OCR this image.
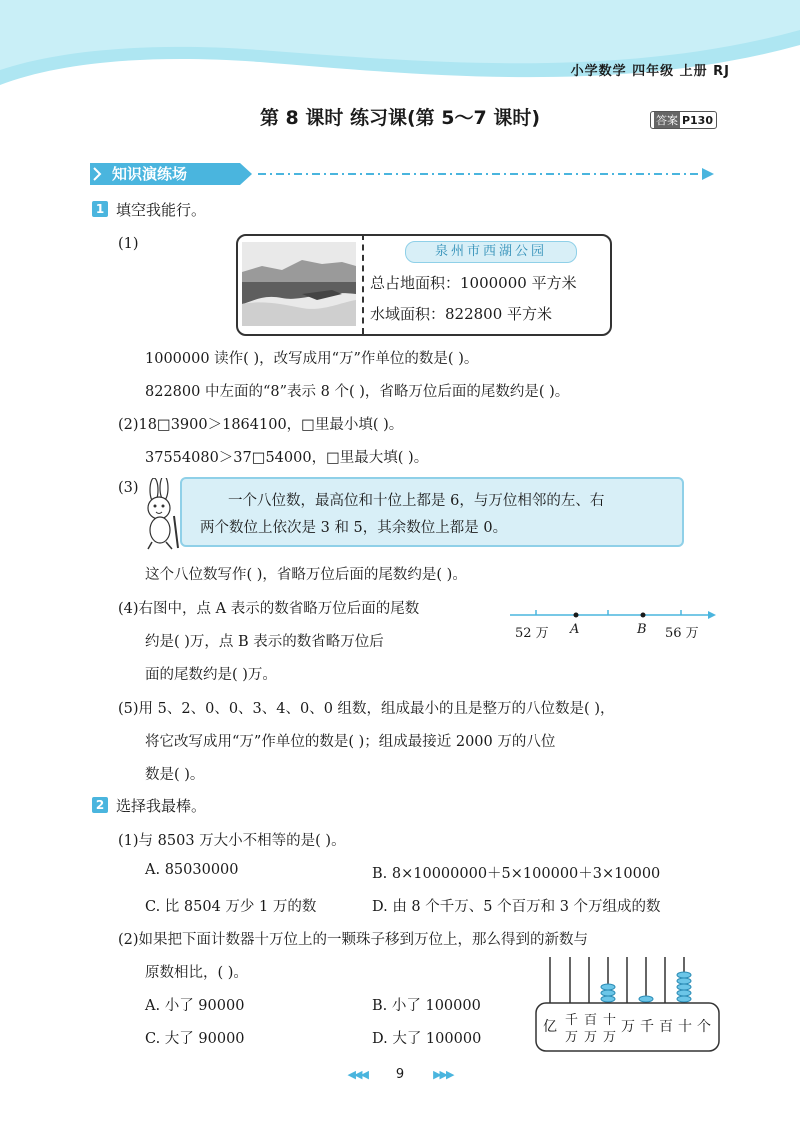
小学数学 四年级 上册 RJ
第 8 课时 练习课(第 5～7 课时)	答案 P130
知识演练场
1 填空我能行。
(1)	泉州市西湖公园
总占地面积：1000000 平方米
水域面积：822800 平方米
1000000 读作( )，改写成用“万”作单位的数是( )。
822800 中左面的“8”表示 8 个( )，省略万位后面的尾数约是( )。
(2)18□3900＞1864100，□里最小填( )。
37554080＞37□54000，□里最大填( )。
(3)
一个八位数，最高位和十位上都是 6，与万位相邻的左、右
两个数位上依次是 3 和 5，其余数位上都是 0。
这个八位数写作( )，省略万位后面的尾数约是( )。
(4)右图中，点 A 表示的数省略万位后面的尾数
约是( )万，点 B 表示的数省略万位后
面的尾数约是( )万。
52 万 A	B 56 万
(5)用 5、2、0、0、3、4、0、0 组数，组成最小的且是整万的八位数是( )，
将它改写成用“万”作单位的数是( )；组成最接近 2000 万的八位
数是( )。
2 选择我最棒。
(1)与 8503 万大小不相等的是( )。
A. 85030000	B. 8×10000000＋5×100000＋3×10000
C. 比 8504 万少 1 万的数	D. 由 8 个千万、5 个百万和 3 个万组成的数
(2)如果把下面计数器十万位上的一颗珠子移到万位上，那么得到的新数与
原数相比，( )。
A. 小了 90000	B. 小了 100000
C. 大了 90000	D. 大了 100000
亿 千
万
百
万
十
万
万 千 百 十 个
◀◀◀ 9	▶▶▶
